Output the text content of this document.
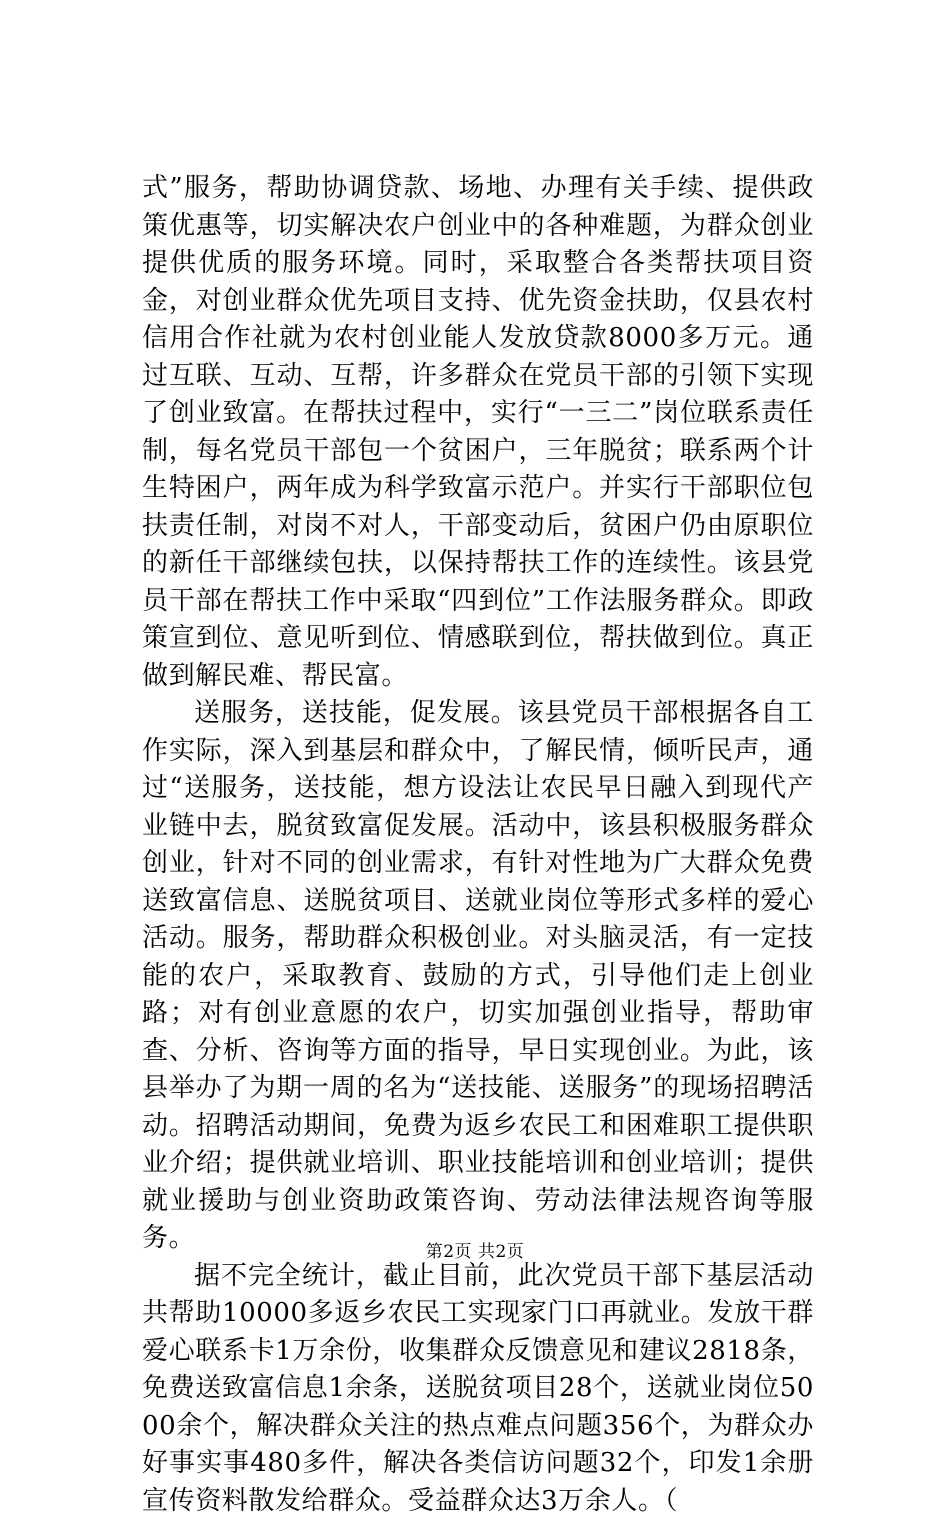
式”服务，帮助协调贷款、场地、办理有关手续、提供政策优惠等，切实解决农户创业中的各种难题，为群众创业提供优质的服务环境。同时，采取整合各类帮扶项目资金，对创业群众优先项目支持、优先资金扶助，仅县农村信用合作社就为农村创业能人发放贷款8000多万元。通过互联、互动、互帮，许多群众在党员干部的引领下实现了创业致富。在帮扶过程中，实行“一三二”岗位联系责任制，每名党员干部包一个贫困户，三年脱贫；联系两个计生特困户，两年成为科学致富示范户。并实行干部职位包扶责任制，对岗不对人，干部变动后，贫困户仍由原职位的新任干部继续包扶，以保持帮扶工作的连续性。该县党员干部在帮扶工作中采取“四到位”工作法服务群众。即政策宣到位、意见听到位、情感联到位，帮扶做到位。真正做到解民难、帮民富。

送服务，送技能，促发展。该县党员干部根据各自工作实际，深入到基层和群众中，了解民情，倾听民声，通过“送服务，送技能，想方设法让农民早日融入到现代产业链中去，脱贫致富促发展。活动中，该县积极服务群众创业，针对不同的创业需求，有针对性地为广大群众免费送致富信息、送脱贫项目、送就业岗位等形式多样的爱心活动。服务，帮助群众积极创业。对头脑灵活，有一定技能的农户，采取教育、鼓励的方式，引导他们走上创业路；对有创业意愿的农户，切实加强创业指导，帮助审查、分析、咨询等方面的指导，早日实现创业。为此，该县举办了为期一周的名为“送技能、送服务”的现场招聘活动。招聘活动期间，免费为返乡农民工和困难职工提供职业介绍；提供就业培训、职业技能培训和创业培训；提供就业援助与创业资助政策咨询、劳动法律法规咨询等服务。

据不完全统计，截止目前，此次党员干部下基层活动共帮助10000多返乡农民工实现家门口再就业。发放干群爱心联系卡1万余份，收集群众反馈意见和建议2818条，免费送致富信息1余条，送脱贫项目28个，送就业岗位5000余个，解决群众关注的热点难点问题356个，为群众办好事实事480多件，解决各类信访问题32个，印发1余册宣传资料散发给群众。受益群众达3万余人。（

第2页 共2页
